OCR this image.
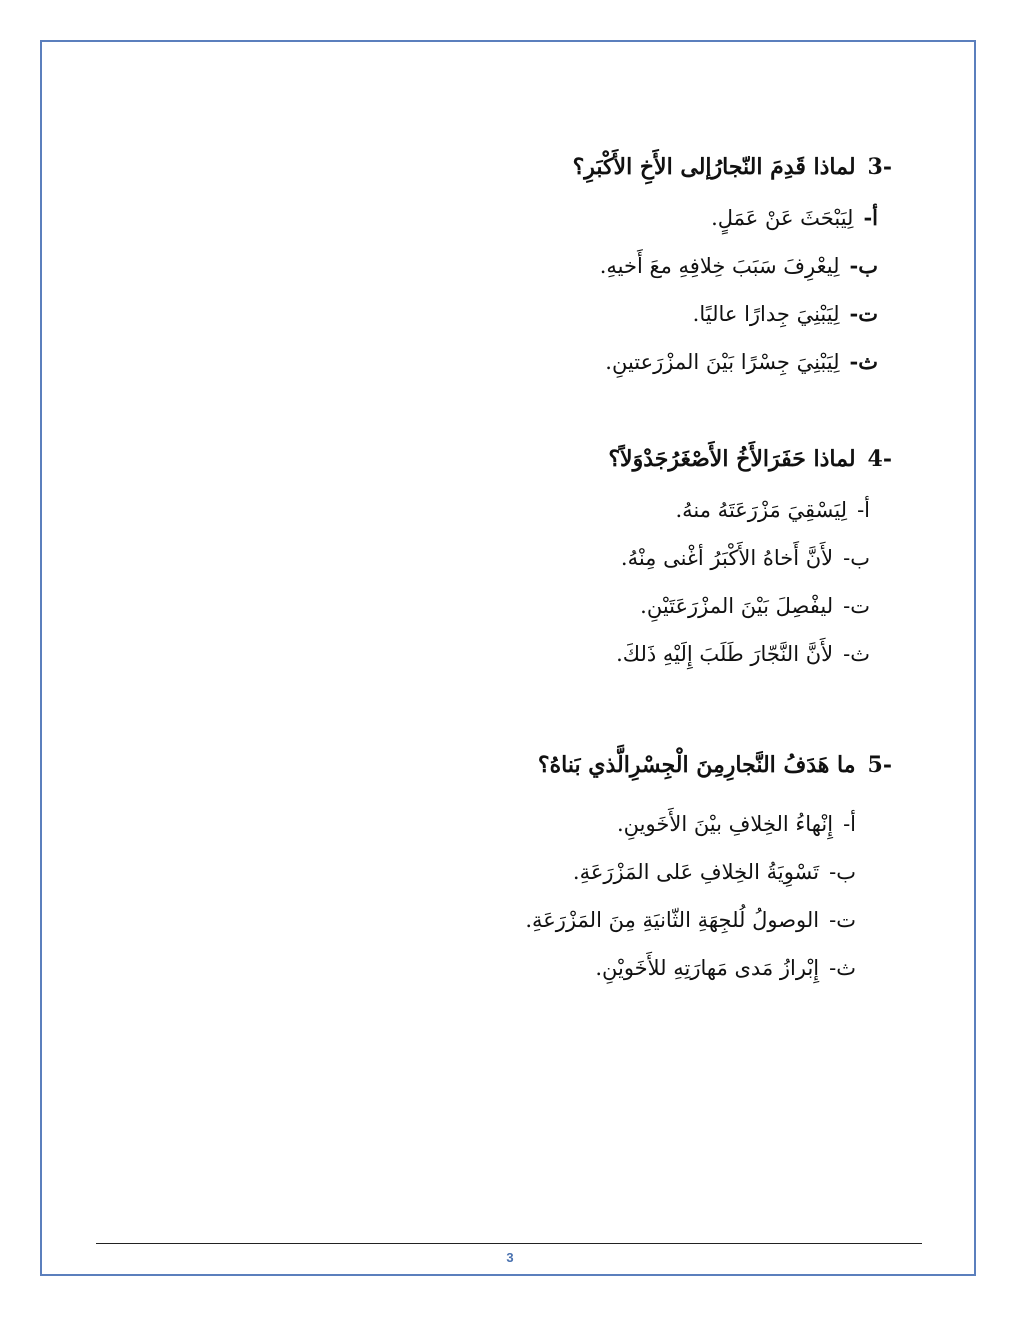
-3لماذا قَدِمَ النّجارُإلى الأَخِ الأَكْبَرِ؟
أ-لِيَبْحَثَ عَنْ عَمَلٍ.
ب-لِيعْرِفَ سَبَبَ خِلافِهِ معَ أَخيهِ.
ت-لِيَبْنِيَ جِدارًا عاليًا.
ث-لِيَبْنِيَ جِسْرًا بَيْنَ المزْرَعتينِ.
-4لماذا حَفَرَالأَخُ الأَصْغَرُجَدْوَلاً؟
أ-لِيَسْقِيَ مَزْرَعَتَهُ منهُ.
ب-لأَنَّ أَخاهُ الأَكْبَرُ أغْنى مِنْهُ.
ت-ليفْصِلَ بَيْنَ المزْرَعَتَيْنِ.
ث-لأَنَّ النَّجّارَ طَلَبَ إِلَيْهِ ذَلكَ.
-5ما هَدَفُ النَّجارِمِنَ الْجِسْرِالَّذي بَناهُ؟
أ-إِنْهاءُ الخِلافِ بيْنَ الأَخَوينِ.
ب-تَسْوِيَةُ الخِلافِ عَلى المَزْرَعَةِ.
ت-الوصولُ لُلجِهَةِ الثّانيَةِ مِنَ المَزْرَعَةِ.
ث-إِبْرازُ مَدى مَهارَتِهِ للأَخَويْنِ.
3
